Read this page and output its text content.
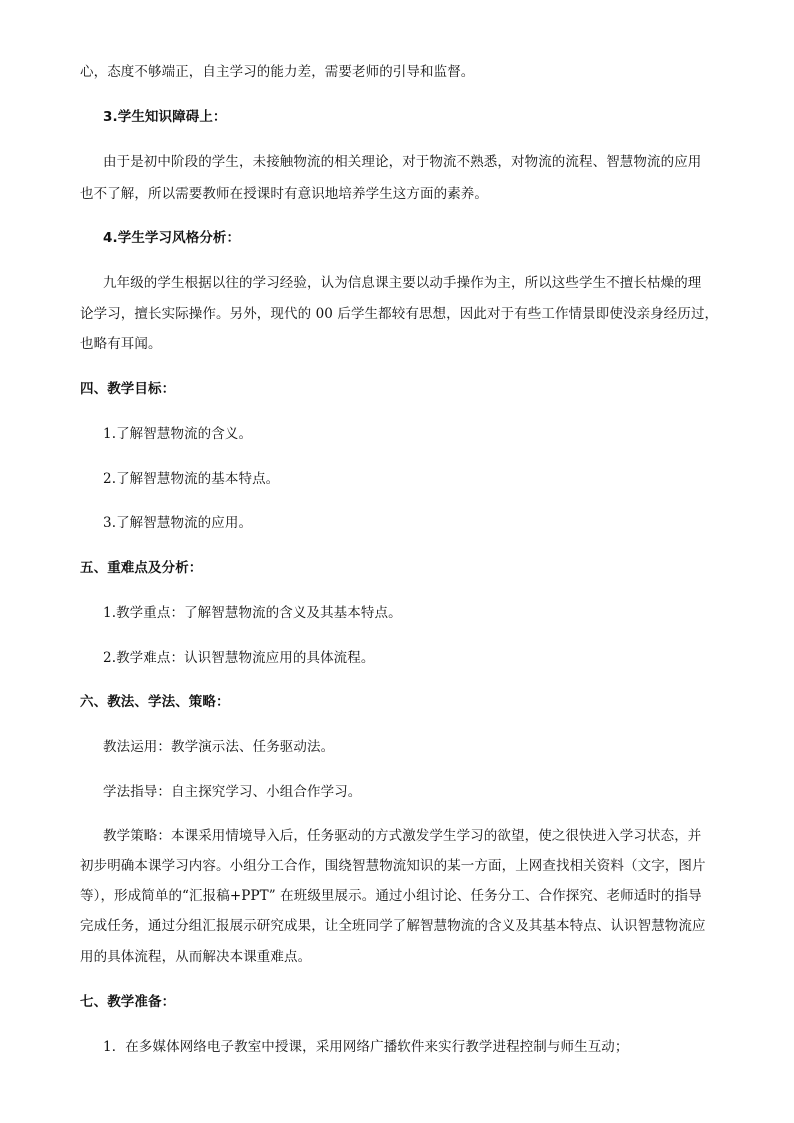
心，态度不够端正，自主学习的能力差，需要老师的引导和监督。
3.学生知识障碍上：
由于是初中阶段的学生，未接触物流的相关理论，对于物流不熟悉，对物流的流程、智慧物流的应用
也不了解，所以需要教师在授课时有意识地培养学生这方面的素养。
4.学生学习风格分析：
九年级的学生根据以往的学习经验，认为信息课主要以动手操作为主，所以这些学生不擅长枯燥的理
论学习，擅长实际操作。另外，现代的 00 后学生都较有思想，因此对于有些工作情景即使没亲身经历过，
也略有耳闻。
四、教学目标：
1.了解智慧物流的含义。
2.了解智慧物流的基本特点。
3.了解智慧物流的应用。
五、重难点及分析：
1.教学重点：了解智慧物流的含义及其基本特点。
2.教学难点：认识智慧物流应用的具体流程。
六、教法、学法、策略：
教法运用：教学演示法、任务驱动法。
学法指导：自主探究学习、小组合作学习。
教学策略：本课采用情境导入后，任务驱动的方式激发学生学习的欲望，使之很快进入学习状态，并
初步明确本课学习内容。小组分工合作，围绕智慧物流知识的某一方面，上网查找相关资料（文字，图片
等），形成简单的“汇报稿+PPT” 在班级里展示。通过小组讨论、任务分工、合作探究、老师适时的指导
完成任务，通过分组汇报展示研究成果，让全班同学了解智慧物流的含义及其基本特点、认识智慧物流应
用的具体流程，从而解决本课重难点。
七、教学准备：
1．在多媒体网络电子教室中授课，采用网络广播软件来实行教学进程控制与师生互动；
